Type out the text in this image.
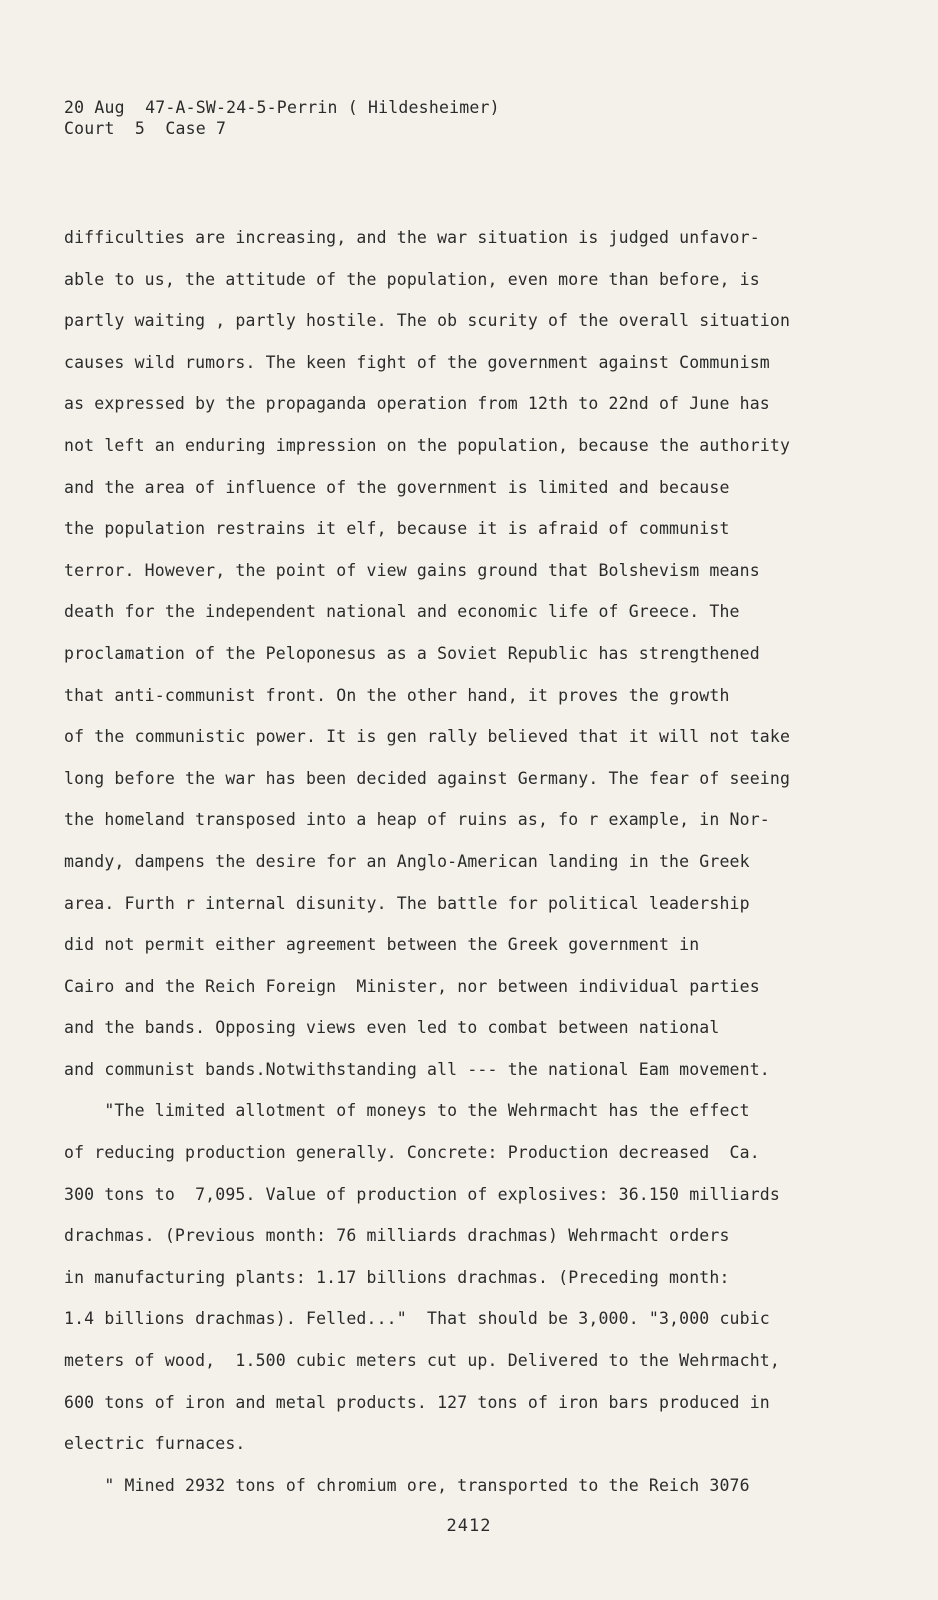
20 Aug  47-A-SW-24-5-Perrin ( Hildesheimer)
Court  5  Case 7
difficulties are increasing, and the war situation is judged unfavor-
able to us, the attitude of the population, even more than before, is
partly waiting , partly hostile. The ob scurity of the overall situation
causes wild rumors. The keen fight of the government against Communism
as expressed by the propaganda operation from 12th to 22nd of June has
not left an enduring impression on the population, because the authority
and the area of influence of the government is limited and because
the population restrains it elf, because it is afraid of communist
terror. However, the point of view gains ground that Bolshevism means
death for the independent national and economic life of Greece. The
proclamation of the Peloponesus as a Soviet Republic has strengthened
that anti-communist front. On the other hand, it proves the growth
of the communistic power. It is gen rally believed that it will not take
long before the war has been decided against Germany. The fear of seeing
the homeland transposed into a heap of ruins as, fo r example, in Nor-
mandy, dampens the desire for an Anglo-American landing in the Greek
area. Furth r internal disunity. The battle for political leadership
did not permit either agreement between the Greek government in
Cairo and the Reich Foreign  Minister, nor between individual parties
and the bands. Opposing views even led to combat between national
and communist bands.Notwithstanding all --- the national Eam movement.
"The limited allotment of moneys to the Wehrmacht has the effect
of reducing production generally. Concrete: Production decreased  Ca.
300 tons to  7,095. Value of production of explosives: 36.150 milliards
drachmas. (Previous month: 76 milliards drachmas) Wehrmacht orders
in manufacturing plants: 1.17 billions drachmas. (Preceding month:
1.4 billions drachmas). Felled..."  That should be 3,000. "3,000 cubic
meters of wood,  1.500 cubic meters cut up. Delivered to the Wehrmacht,
600 tons of iron and metal products. 127 tons of iron bars produced in
electric furnaces.
" Mined 2932 tons of chromium ore, transported to the Reich 3076
2412
